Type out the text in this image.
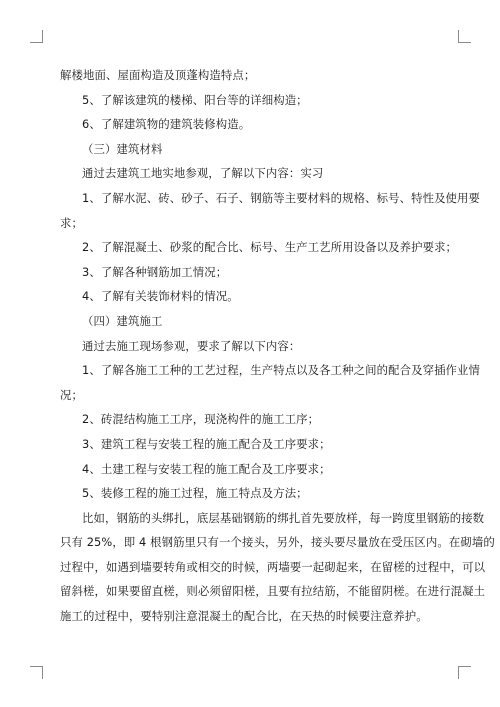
解楼地面、屋面构造及顶蓬构造特点；
5、了解该建筑的楼梯、阳台等的详细构造；
6、了解建筑物的建筑装修构造。
（三）建筑材料
通过去建筑工地实地参观，了解以下内容：实习
1、了解水泥、砖、砂子、石子、钢筋等主要材料的规格、标号、特性及使用要
求；
2、了解混凝土、砂浆的配合比、标号、生产工艺所用设备以及养护要求；
3、了解各种钢筋加工情况；
4、了解有关装饰材料的情况。
（四）建筑施工
通过去施工现场参观，要求了解以下内容：
1、了解各施工工种的工艺过程，生产特点以及各工种之间的配合及穿插作业情
况；
2、砖混结构施工工序，现浇构件的施工工序；
3、建筑工程与安装工程的施工配合及工序要求；
4、土建工程与安装工程的施工配合及工序要求；
5、装修工程的施工过程，施工特点及方法；
比如，钢筋的头绑扎，底层基础钢筋的绑扎首先要放样，每一跨度里钢筋的接数
只有 25%，即 4 根钢筋里只有一个接头，另外，接头要尽量放在受压区内。在砌墙的
过程中，如遇到墙要转角或相交的时候，两墙要一起砌起来，在留槎的过程中，可以
留斜槎，如果要留直槎，则必须留阳槎，且要有拉结筋，不能留阴槎。在进行混凝土
施工的过程中，要特别注意混凝土的配合比，在天热的时候要注意养护。
